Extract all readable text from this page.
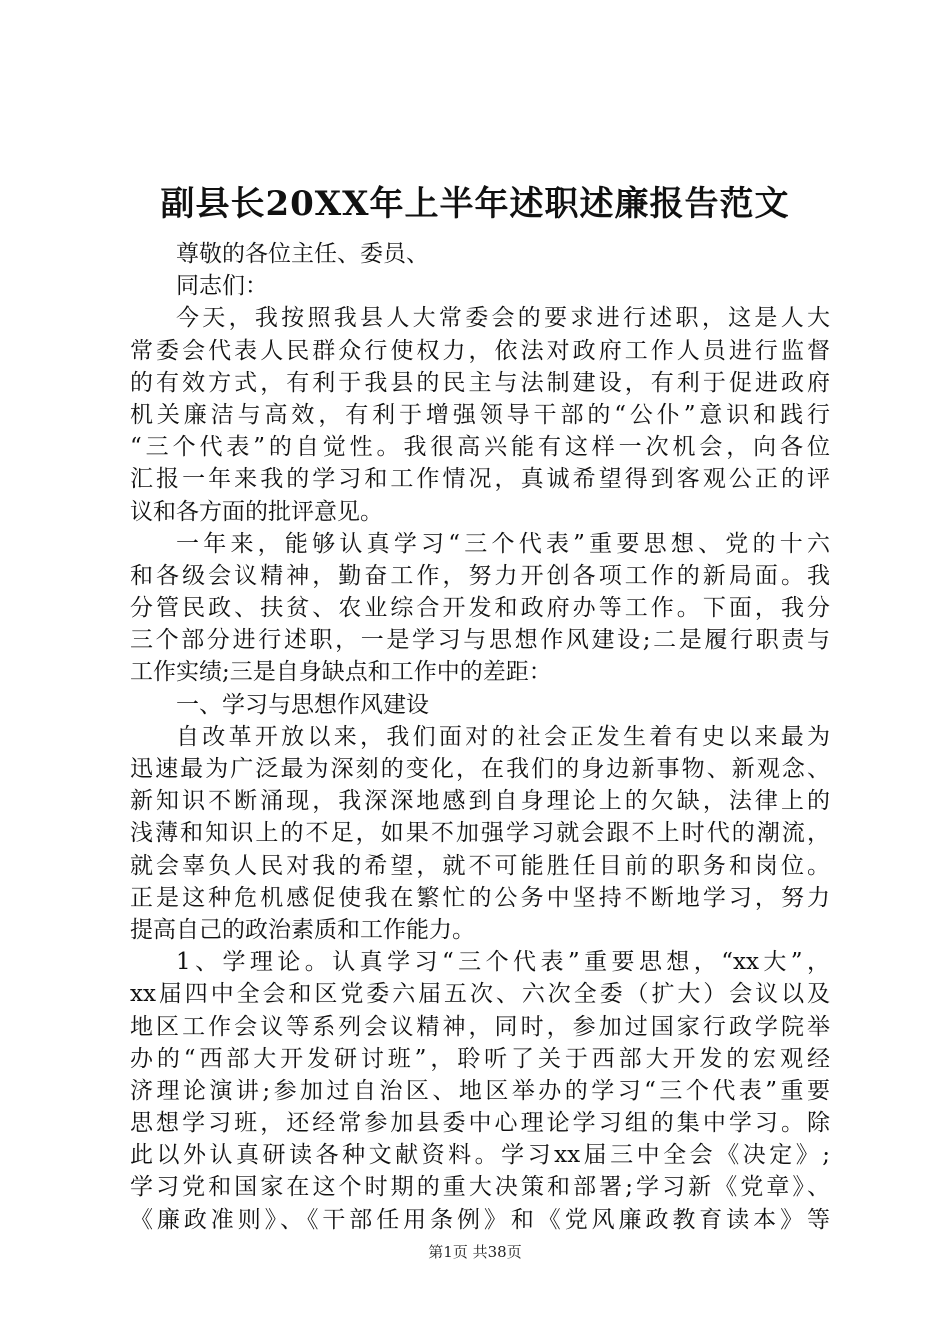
副县长20XX年上半年述职述廉报告范文
尊敬的各位主任、委员、
同志们：
今天，我按照我县人大常委会的要求进行述职，这是人大
常委会代表人民群众行使权力，依法对政府工作人员进行监督
的有效方式，有利于我县的民主与法制建设，有利于促进政府
机关廉洁与高效，有利于增强领导干部的“公仆”意识和践行
“三个代表”的自觉性。我很高兴能有这样一次机会，向各位
汇报一年来我的学习和工作情况，真诚希望得到客观公正的评
议和各方面的批评意见。
一年来，能够认真学习“三个代表”重要思想、党的十六
和各级会议精神，勤奋工作，努力开创各项工作的新局面。我
分管民政、扶贫、农业综合开发和政府办等工作。下面，我分
三个部分进行述职，一是学习与思想作风建设;二是履行职责与
工作实绩;三是自身缺点和工作中的差距：
一、学习与思想作风建设
自改革开放以来，我们面对的社会正发生着有史以来最为
迅速最为广泛最为深刻的变化，在我们的身边新事物、新观念、
新知识不断涌现，我深深地感到自身理论上的欠缺，法律上的
浅薄和知识上的不足，如果不加强学习就会跟不上时代的潮流，
就会辜负人民对我的希望，就不可能胜任目前的职务和岗位。
正是这种危机感促使我在繁忙的公务中坚持不断地学习，努力
提高自己的政治素质和工作能力。
1、学理论。认真学习“三个代表”重要思想，“xx大”，
xx届四中全会和区党委六届五次、六次全委（扩大）会议以及
地区工作会议等系列会议精神，同时，参加过国家行政学院举
办的“西部大开发研讨班”，聆听了关于西部大开发的宏观经
济理论演讲;参加过自治区、地区举办的学习“三个代表”重要
思想学习班，还经常参加县委中心理论学习组的集中学习。除
此以外认真研读各种文献资料。学习xx届三中全会《决定》;
学习党和国家在这个时期的重大决策和部署;学习新《党章》、
《廉政准则》、《干部任用条例》和《党风廉政教育读本》等
第1页 共38页
